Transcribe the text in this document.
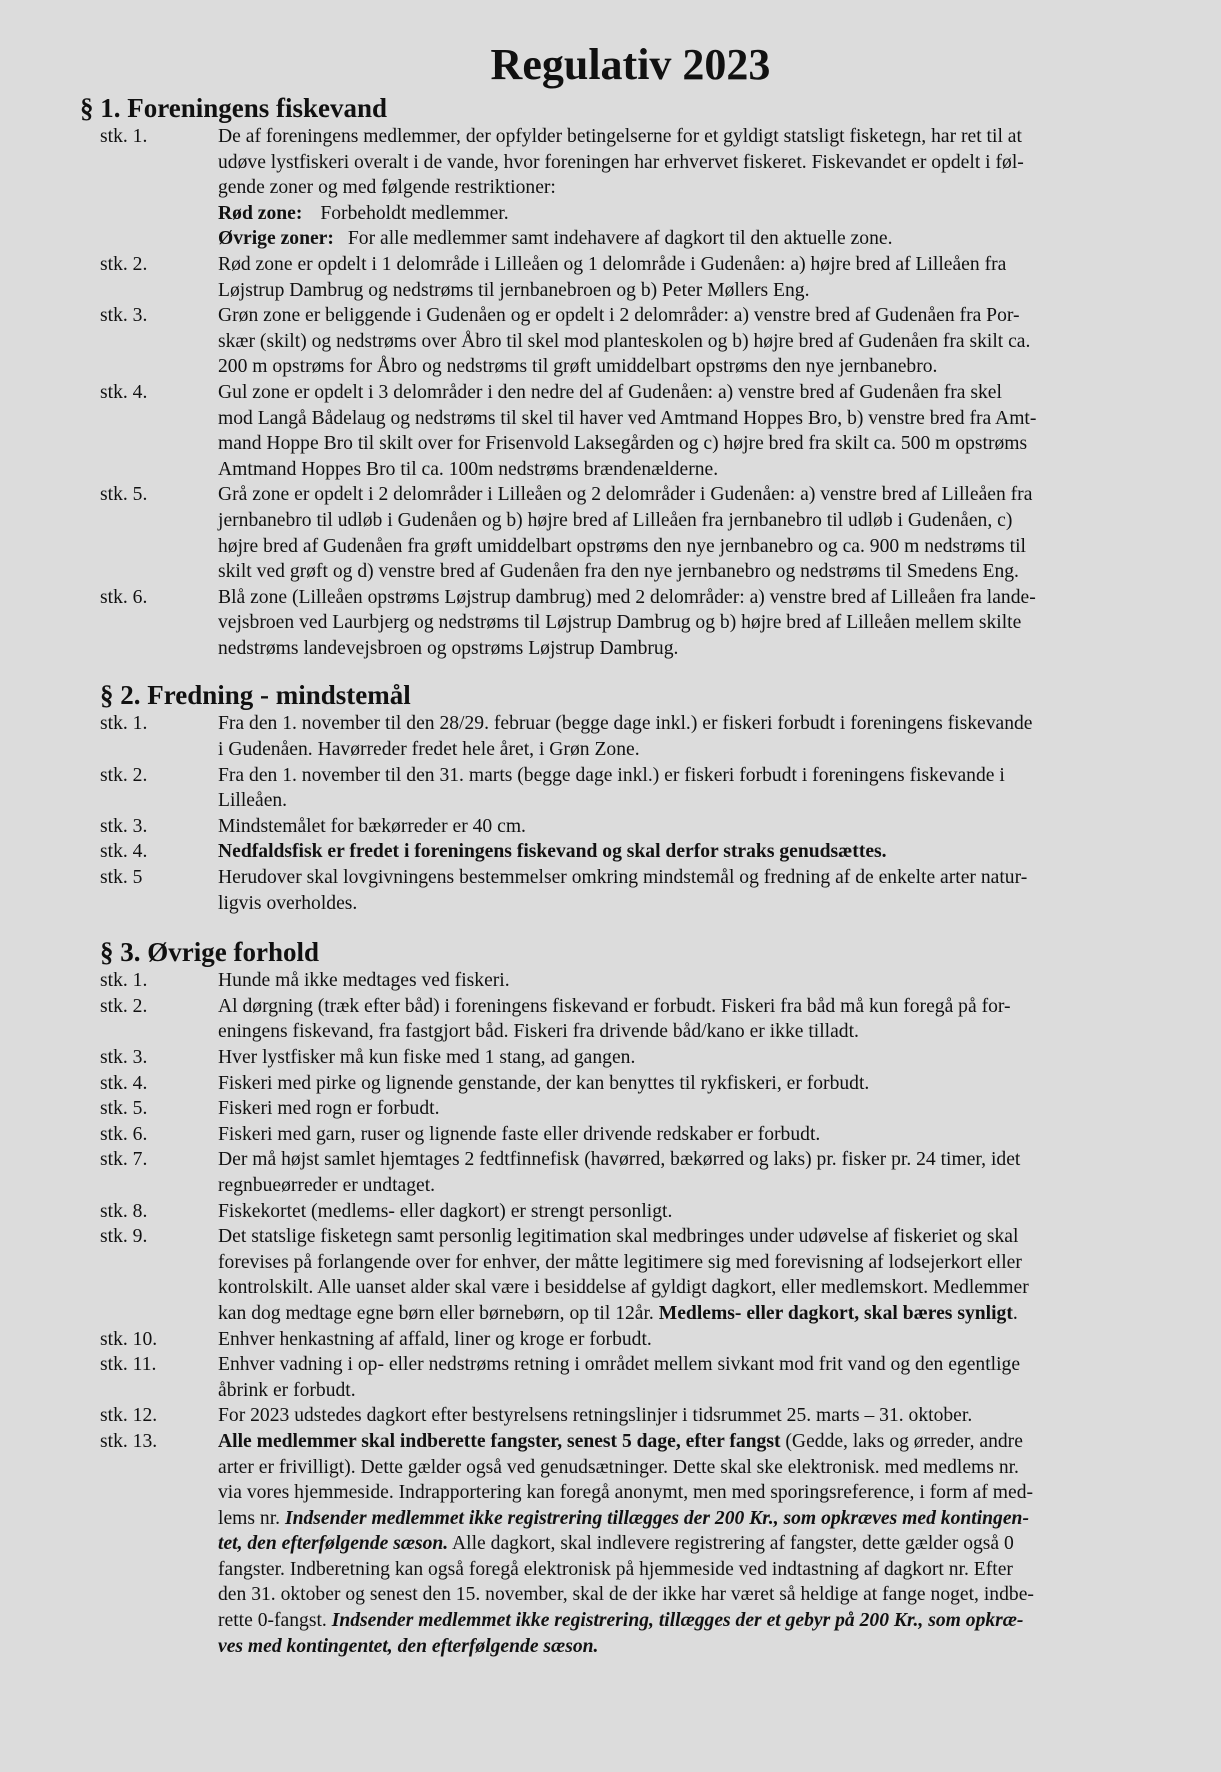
Regulativ 2023
§ 1. Foreningens fiskevand
stk. 1.	De af foreningens medlemmer, der opfylder betingelserne for et gyldigt statsligt fisketegn, har ret til at
udøve lystfiskeri overalt i de vande, hvor foreningen har erhvervet fiskeret. Fiskevandet er opdelt i føl-
gende zoner og med følgende restriktioner:
Rød zone: Forbeholdt medlemmer.
Øvrige zoner: For alle medlemmer samt indehavere af dagkort til den aktuelle zone.
stk. 2.	Rød zone er opdelt i 1 delområde i Lilleåen og 1 delområde i Gudenåen: a) højre bred af Lilleåen fra
Løjstrup Dambrug og nedstrøms til jernbanebroen og b) Peter Møllers Eng.
stk. 3.	Grøn zone er beliggende i Gudenåen og er opdelt i 2 delområder: a) venstre bred af Gudenåen fra Por-
skær (skilt) og nedstrøms over Åbro til skel mod planteskolen og b) højre bred af Gudenåen fra skilt ca.
200 m opstrøms for Åbro og nedstrøms til grøft umiddelbart opstrøms den nye jernbanebro.
stk. 4.	Gul zone er opdelt i 3 delområder i den nedre del af Gudenåen: a) venstre bred af Gudenåen fra skel
mod Langå Bådelaug og nedstrøms til skel til haver ved Amtmand Hoppes Bro, b) venstre bred fra Amt-
mand Hoppe Bro til skilt over for Frisenvold Laksegården og c) højre bred fra skilt ca. 500 m opstrøms
Amtmand Hoppes Bro til ca. 100m nedstrøms brændenælderne.
stk. 5.	Grå zone er opdelt i 2 delområder i Lilleåen og 2 delområder i Gudenåen: a) venstre bred af Lilleåen fra
jernbanebro til udløb i Gudenåen og b) højre bred af Lilleåen fra jernbanebro til udløb i Gudenåen, c)
højre bred af Gudenåen fra grøft umiddelbart opstrøms den nye jernbanebro og ca. 900 m nedstrøms til
skilt ved grøft og d) venstre bred af Gudenåen fra den nye jernbanebro og nedstrøms til Smedens Eng.
stk. 6.	Blå zone (Lilleåen opstrøms Løjstrup dambrug) med 2 delområder: a) venstre bred af Lilleåen fra lande-
vejsbroen ved Laurbjerg og nedstrøms til Løjstrup Dambrug og b) højre bred af Lilleåen mellem skilte
nedstrøms landevejsbroen og opstrøms Løjstrup Dambrug.
§ 2. Fredning - mindstemål
stk. 1.	Fra den 1. november til den 28/29. februar (begge dage inkl.) er fiskeri forbudt i foreningens fiskevande
i Gudenåen. Havørreder fredet hele året, i Grøn Zone.
stk. 2.	Fra den 1. november til den 31. marts (begge dage inkl.) er fiskeri forbudt i foreningens fiskevande i
Lilleåen.
stk. 3.	Mindstemålet for bækørreder er 40 cm.
stk. 4.	Nedfaldsfisk er fredet i foreningens fiskevand og skal derfor straks genudsættes.
stk. 5	Herudover skal lovgivningens bestemmelser omkring mindstemål og fredning af de enkelte arter natur-
ligvis overholdes.
§ 3. Øvrige forhold
stk. 1.	Hunde må ikke medtages ved fiskeri.
stk. 2.	Al dørgning (træk efter båd) i foreningens fiskevand er forbudt. Fiskeri fra båd må kun foregå på for-
eningens fiskevand, fra fastgjort båd. Fiskeri fra drivende båd/kano er ikke tilladt.
stk. 3.	Hver lystfisker må kun fiske med 1 stang, ad gangen.
stk. 4.	Fiskeri med pirke og lignende genstande, der kan benyttes til rykfiskeri, er forbudt.
stk. 5.	Fiskeri med rogn er forbudt.
stk. 6.	Fiskeri med garn, ruser og lignende faste eller drivende redskaber er forbudt.
stk. 7.	Der må højst samlet hjemtages 2 fedtfinnefisk (havørred, bækørred og laks) pr. fisker pr. 24 timer, idet
regnbueørreder er undtaget.
stk. 8.	Fiskekortet (medlems- eller dagkort) er strengt personligt.
stk. 9.	Det statslige fisketegn samt personlig legitimation skal medbringes under udøvelse af fiskeriet og skal
forevises på forlangende over for enhver, der måtte legitimere sig med forevisning af lodsejerkort eller
kontrolskilt. Alle uanset alder skal være i besiddelse af gyldigt dagkort, eller medlemskort. Medlemmer
kan dog medtage egne børn eller børnebørn, op til 12år. Medlems- eller dagkort, skal bæres synligt.
stk. 10.	Enhver henkastning af affald, liner og kroge er forbudt.
stk. 11.	Enhver vadning i op- eller nedstrøms retning i området mellem sivkant mod frit vand og den egentlige
åbrink er forbudt.
stk. 12.	For 2023 udstedes dagkort efter bestyrelsens retningslinjer i tidsrummet 25. marts – 31. oktober.
stk. 13.	Alle medlemmer skal indberette fangster, senest 5 dage, efter fangst (Gedde, laks og ørreder, andre
arter er frivilligt). Dette gælder også ved genudsætninger. Dette skal ske elektronisk. med medlems nr.
via vores hjemmeside. Indrapportering kan foregå anonymt, men med sporingsreference, i form af med-
lems nr. Indsender medlemmet ikke registrering tillægges der 200 Kr., som opkræves med kontingen-
tet, den efterfølgende sæson. Alle dagkort, skal indlevere registrering af fangster, dette gælder også 0
fangster. Indberetning kan også foregå elektronisk på hjemmeside ved indtastning af dagkort nr. Efter
den 31. oktober og senest den 15. november, skal de der ikke har været så heldige at fange noget, indbe-
rette 0-fangst. Indsender medlemmet ikke registrering, tillægges der et gebyr på 200 Kr., som opkræ-
ves med kontingentet, den efterfølgende sæson.
